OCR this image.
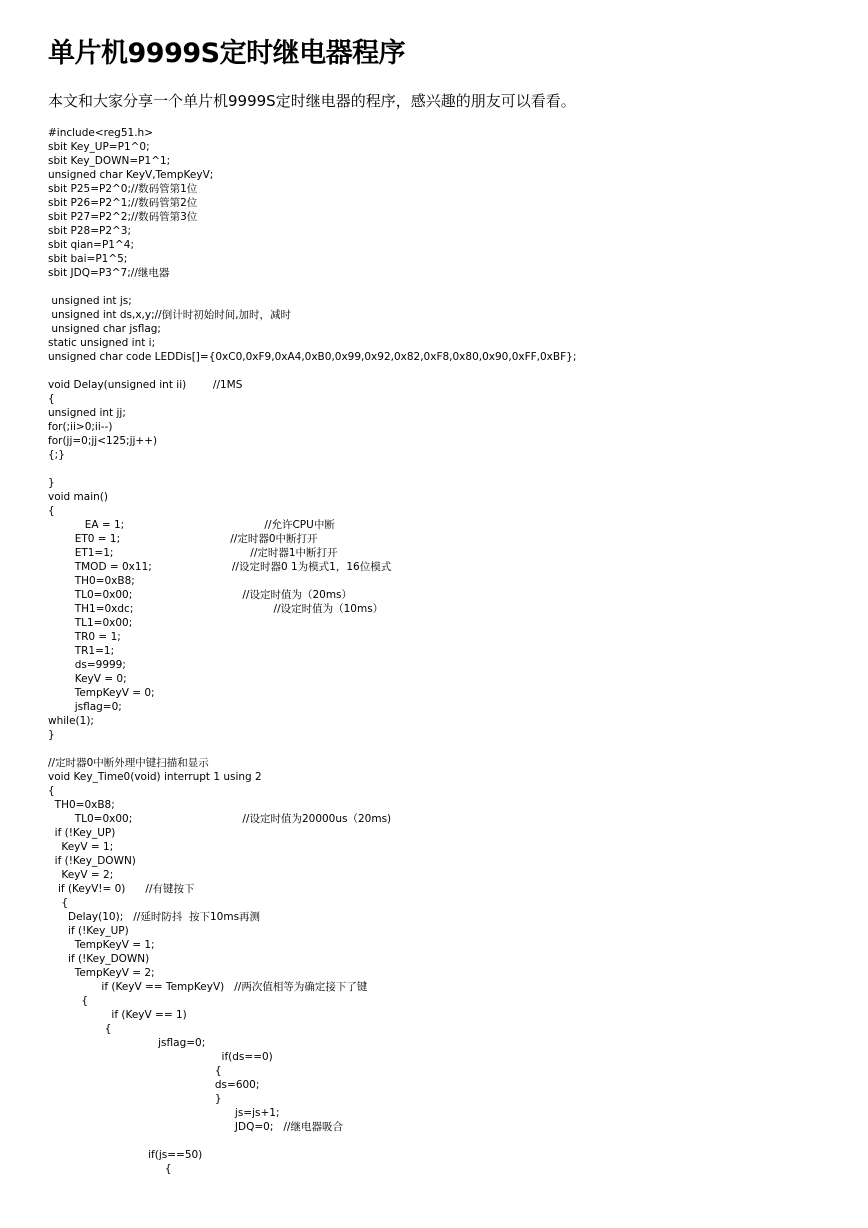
单片机9999S定时继电器程序

本文和大家分享一个单片机9999S定时继电器的程序，感兴趣的朋友可以看看。

#include<reg51.h>
sbit Key_UP=P1^0;
sbit Key_DOWN=P1^1;
unsigned char KeyV,TempKeyV;
sbit P25=P2^0;//数码管第1位
sbit P26=P2^1;//数码管第2位
sbit P27=P2^2;//数码管第3位
sbit P28=P2^3;
sbit qian=P1^4;
sbit bai=P1^5;
sbit JDQ=P3^7;//继电器
unsigned int js;
unsigned int ds,x,y;//倒计时初始时间,加时，减时
unsigned char jsflag;
static unsigned int i;
unsigned char code LEDDis[]={0xC0,0xF9,0xA4,0xB0,0x99,0x92,0x82,0xF8,0x80,0x90,0xFF,0xBF};
void Delay(unsigned int ii)        //1MS
{
unsigned int jj;
for(;ii>0;ii--)
for(jj=0;jj<125;jj++)
{;}
}
void main()
{
EA = 1;                                          //允许CPU中断
ET0 = 1;                                 //定时器0中断打开
ET1=1;                                         //定时器1中断打开
TMOD = 0x11;                        //设定时器0 1为模式1，16位模式
TH0=0xB8;
TL0=0x00;                                 //设定时值为（20ms）
TH1=0xdc;                                          //设定时值为（10ms）
TL1=0x00;
TR0 = 1;
TR1=1;
ds=9999;
KeyV = 0;
TempKeyV = 0;
jsflag=0;
while(1);
}
//定时器0中断外理中键扫描和显示
void Key_Time0(void) interrupt 1 using 2
{
TH0=0xB8;
TL0=0x00;                                 //设定时值为20000us（20ms)
if (!Key_UP)
KeyV = 1;
if (!Key_DOWN)
KeyV = 2;
if (KeyV!= 0)      //有键按下
{
Delay(10);   //延时防抖  按下10ms再测
if (!Key_UP)
TempKeyV = 1;
if (!Key_DOWN)
TempKeyV = 2;
if (KeyV == TempKeyV)   //两次值相等为确定接下了键
{
if (KeyV == 1)
{
jsflag=0;
if(ds==0)
{
ds=600;
}
js=js+1;
JDQ=0;   //继电器吸合
if(js==50)
{
